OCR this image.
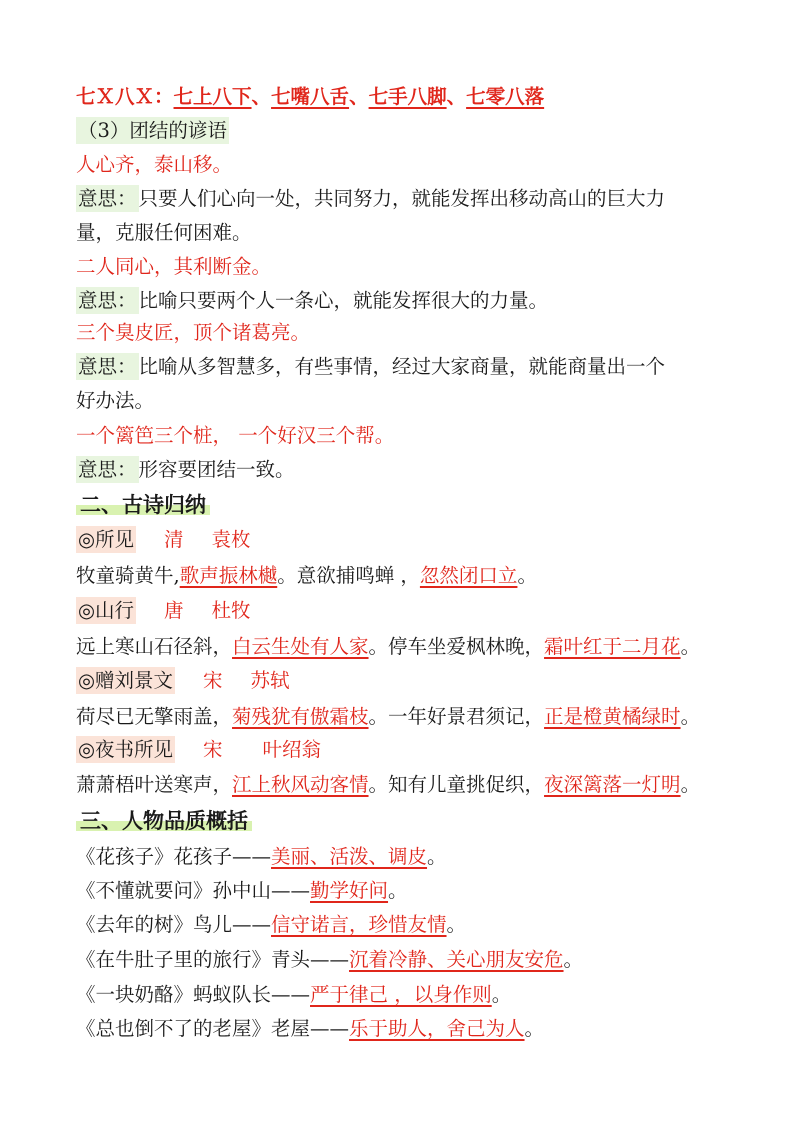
七Ｘ八Ｘ：七上八下、七嘴八舌、七手八脚、七零八落
（3）团结的谚语
人心齐，泰山移。
意思： 只要人们心向一处，共同努力，就能发挥出移动高山的巨大力
量，克服任何困难。
二人同心，其利断金。
意思： 比喻只要两个人一条心，就能发挥很大的力量。
三个臭皮匠，顶个诸葛亮。
意思： 比喻从多智慧多，有些事情，经过大家商量，就能商量出一个
好办法。
一个篱笆三个桩， 一个好汉三个帮。
意思： 形容要团结一致。
二、古诗归纳
◎所见 清 袁枚
牧童骑黄牛,歌声振林樾。意欲捕鸣蝉 ，忽然闭口立。
◎山行 唐 杜牧
远上寒山石径斜，白云生处有人家。停车坐爱枫林晚，霜叶红于二月花。
◎赠刘景文 宋 苏轼
荷尽已无擎雨盖，菊残犹有傲霜枝。一年好景君须记，正是橙黄橘绿时。
◎夜书所见 宋 叶绍翁
萧萧梧叶送寒声，江上秋风动客情。知有儿童挑促织，夜深篱落一灯明。
三、人物品质概括
《花孩子》花孩子——美丽、活泼、调皮。
《不懂就要问》孙中山——勤学好问。
《去年的树》鸟儿——信守诺言，珍惜友情。
《在牛肚子里的旅行》青头——沉着冷静、关心朋友安危。
《一块奶酪》蚂蚁队长——严于律己 ，以身作则。
《总也倒不了的老屋》老屋——乐于助人，舍己为人。
